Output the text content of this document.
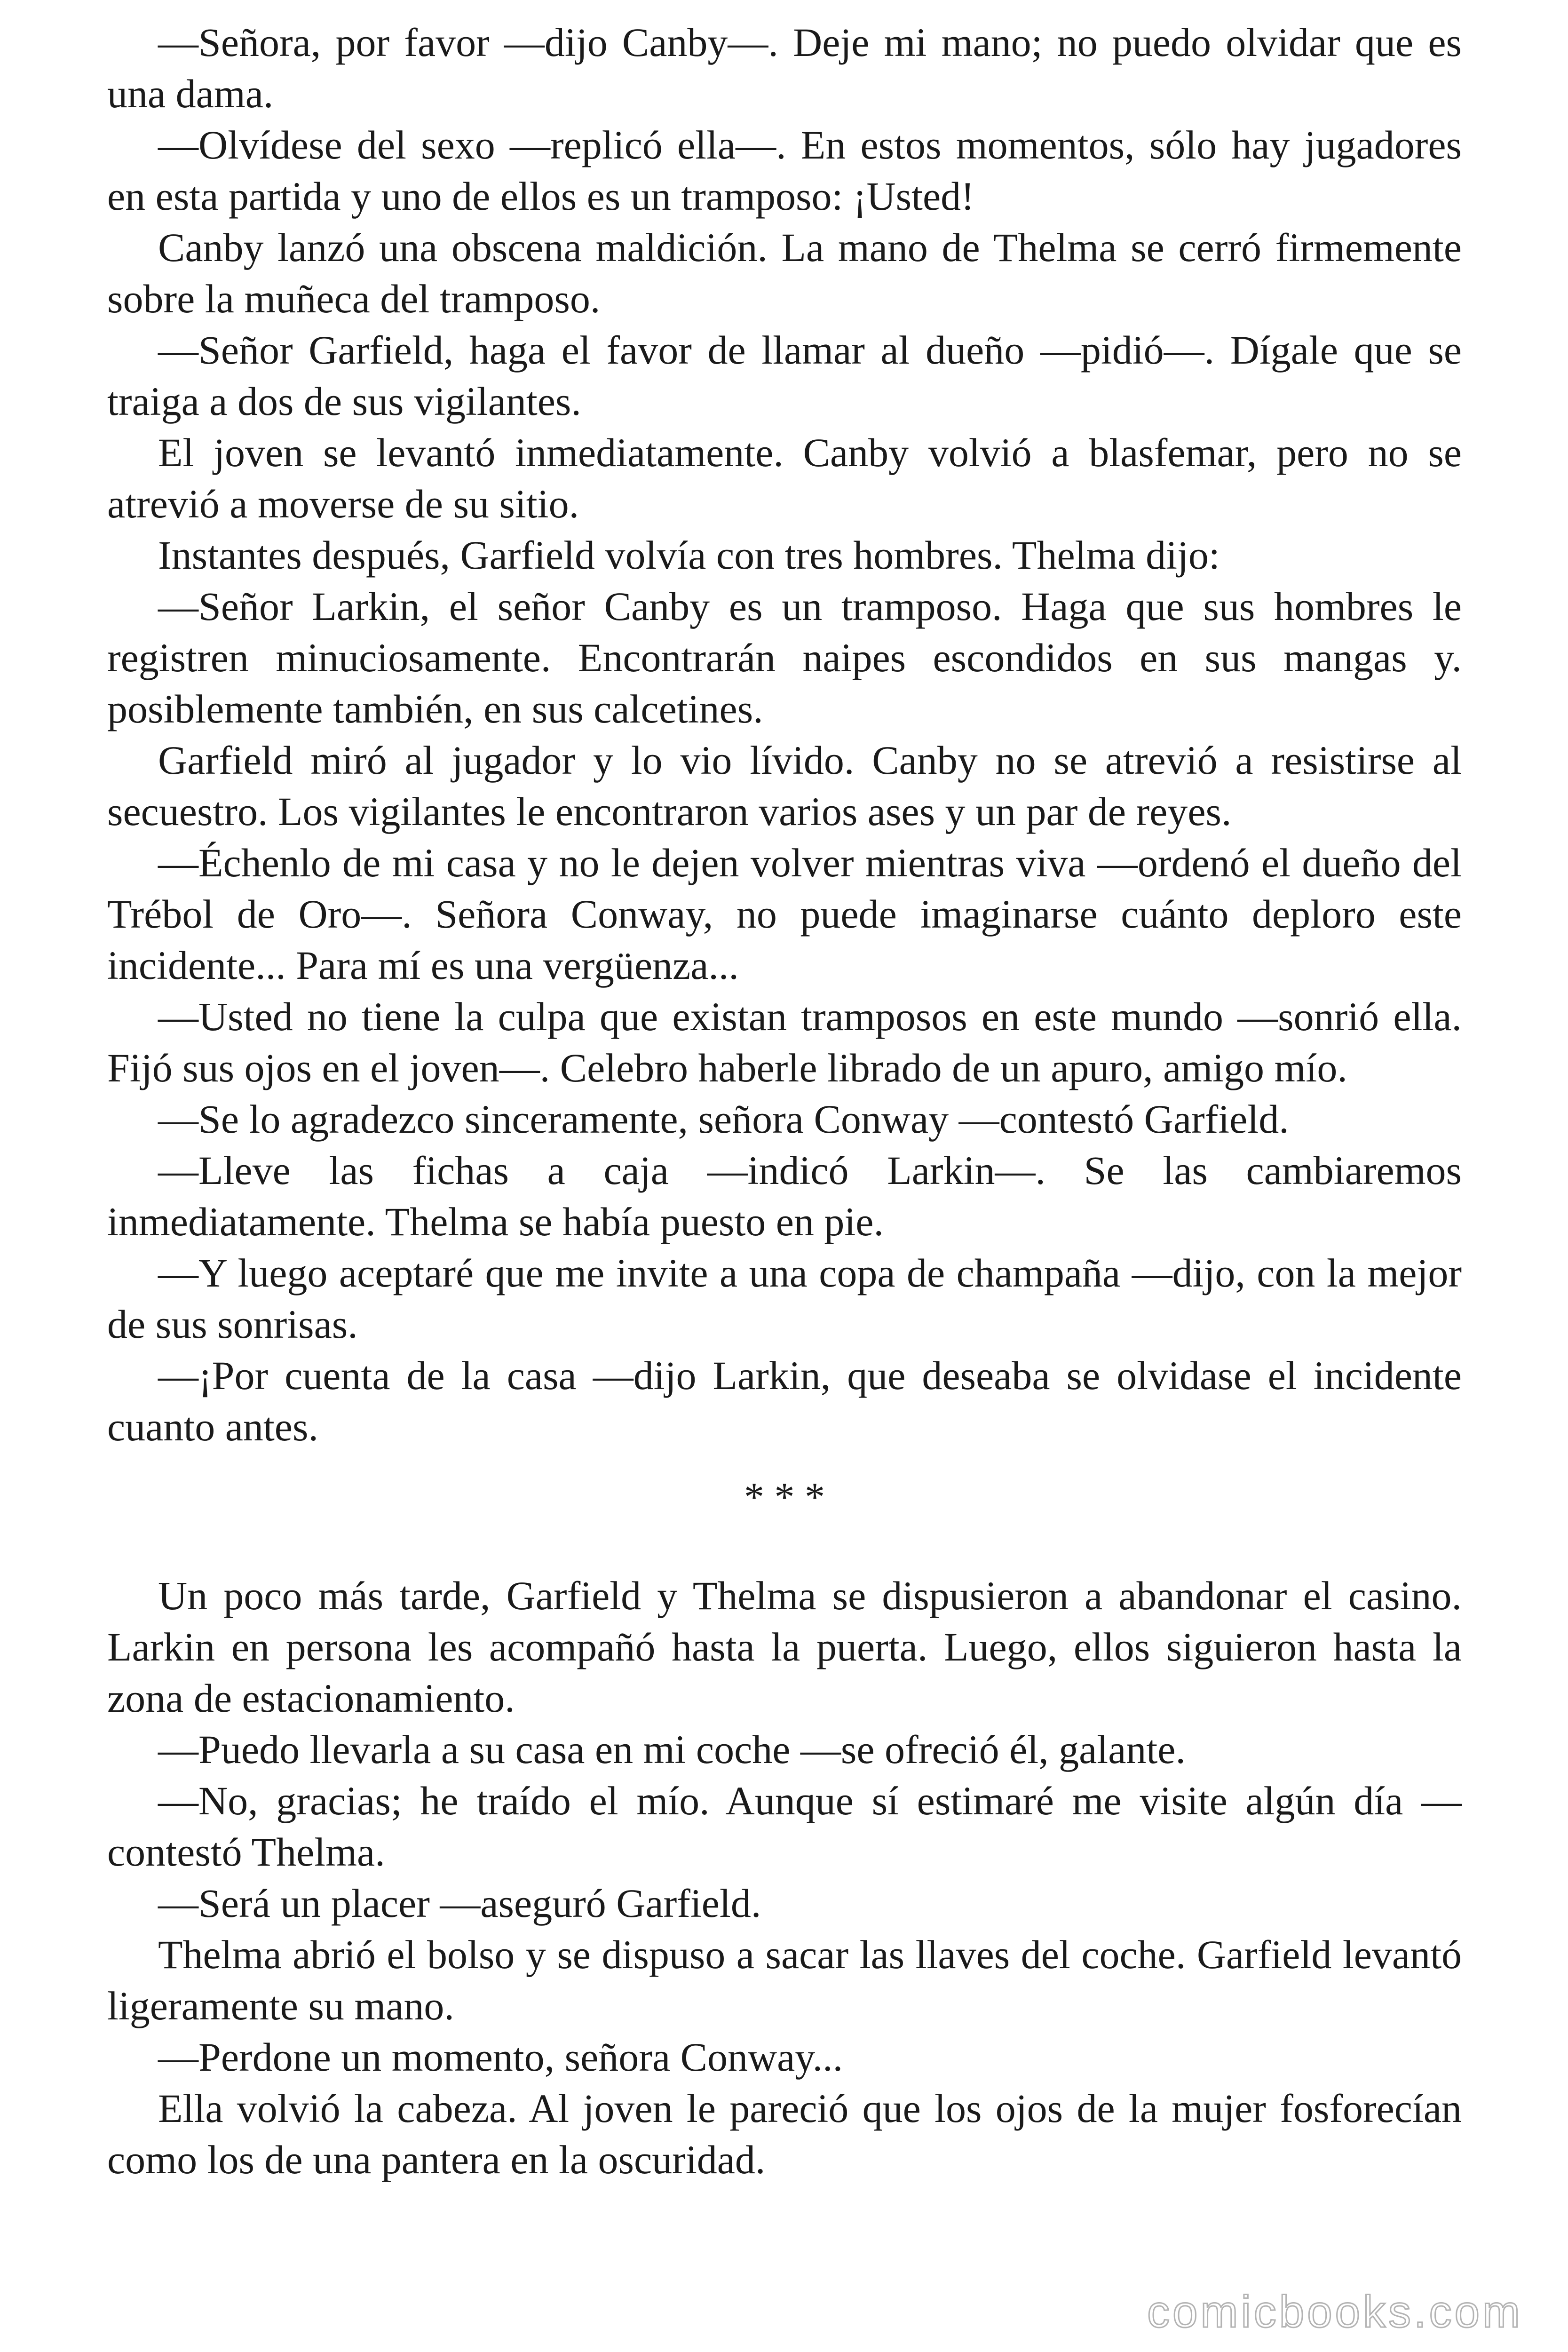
—Señora, por favor —dijo Canby—. Deje mi mano; no puedo olvidar que es una dama.

—Olvídese del sexo —replicó ella—. En estos momentos, sólo hay jugadores en esta partida y uno de ellos es un tramposo: ¡Usted!

Canby lanzó una obscena maldición. La mano de Thelma se cerró firmemente sobre la muñeca del tramposo.

—Señor Garfield, haga el favor de llamar al dueño —pidió—. Dígale que se traiga a dos de sus vigilantes.

El joven se levantó inmediatamente. Canby volvió a blasfemar, pero no se atrevió a moverse de su sitio.

Instantes después, Garfield volvía con tres hombres. Thelma dijo:

—Señor Larkin, el señor Canby es un tramposo. Haga que sus hombres le registren minuciosamente. Encontrarán naipes escondidos en sus mangas y. posiblemente también, en sus calcetines.

Garfield miró al jugador y lo vio lívido. Canby no se atrevió a resistirse al secuestro. Los vigilantes le encontraron varios ases y un par de reyes.

—Échenlo de mi casa y no le dejen volver mientras viva —ordenó el dueño del Trébol de Oro—. Señora Conway, no puede imaginarse cuánto deploro este incidente... Para mí es una vergüenza...

—Usted no tiene la culpa que existan tramposos en este mundo —sonrió ella. Fijó sus ojos en el joven—. Celebro haberle librado de un apuro, amigo mío.

—Se lo agradezco sinceramente, señora Conway —contestó Garfield.

—Lleve las fichas a caja —indicó Larkin—. Se las cambiaremos inmediatamente. Thelma se había puesto en pie.

—Y luego aceptaré que me invite a una copa de champaña —dijo, con la mejor de sus sonrisas.

—¡Por cuenta de la casa —dijo Larkin, que deseaba se olvidase el incidente cuanto antes.

* * *

Un poco más tarde, Garfield y Thelma se dispusieron a abandonar el casino. Larkin en persona les acompañó hasta la puerta. Luego, ellos siguieron hasta la zona de estacionamiento.

—Puedo llevarla a su casa en mi coche —se ofreció él, galante.

—No, gracias; he traído el mío. Aunque sí estimaré me visite algún día —contestó Thelma.

—Será un placer —aseguró Garfield.

Thelma abrió el bolso y se dispuso a sacar las llaves del coche. Garfield levantó ligeramente su mano.

—Perdone un momento, señora Conway...

Ella volvió la cabeza. Al joven le pareció que los ojos de la mujer fosforecían como los de una pantera en la oscuridad.

comicbooks.com
